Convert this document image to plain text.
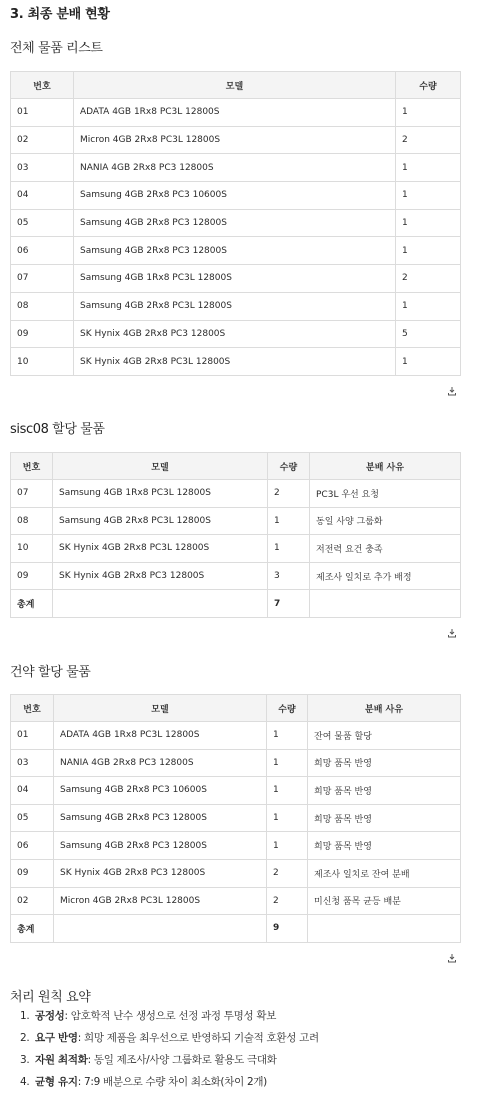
3. 최종 분배 현황
전체 물품 리스트
번호	모델	수량
01	ADATA 4GB 1Rx8 PC3L 12800S	1
02	Micron 4GB 2Rx8 PC3L 12800S	2
03	NANIA 4GB 2Rx8 PC3 12800S	1
04	Samsung 4GB 2Rx8 PC3 10600S	1
05	Samsung 4GB 2Rx8 PC3 12800S	1
06	Samsung 4GB 2Rx8 PC3 12800S	1
07	Samsung 4GB 1Rx8 PC3L 12800S	2
08	Samsung 4GB 2Rx8 PC3L 12800S	1
09	SK Hynix 4GB 2Rx8 PC3 12800S	5
10	SK Hynix 4GB 2Rx8 PC3L 12800S	1
sisc08 할당 물품
번호	모델	수량	분배 사유
07	Samsung 4GB 1Rx8 PC3L 12800S	2	PC3L 우선 요청
08	Samsung 4GB 2Rx8 PC3L 12800S	1	동일 사양 그룹화
10	SK Hynix 4GB 2Rx8 PC3L 12800S	1	저전력 요건 충족
09	SK Hynix 4GB 2Rx8 PC3 12800S	3	제조사 일치로 추가 배정
총계		7	
건약 할당 물품
번호	모델	수량	분배 사유
01	ADATA 4GB 1Rx8 PC3L 12800S	1	잔여 물품 할당
03	NANIA 4GB 2Rx8 PC3 12800S	1	희망 품목 반영
04	Samsung 4GB 2Rx8 PC3 10600S	1	희망 품목 반영
05	Samsung 4GB 2Rx8 PC3 12800S	1	희망 품목 반영
06	Samsung 4GB 2Rx8 PC3 12800S	1	희망 품목 반영
09	SK Hynix 4GB 2Rx8 PC3 12800S	2	제조사 일치로 잔여 분배
02	Micron 4GB 2Rx8 PC3L 12800S	2	미신청 품목 균등 배분
총계		9	
처리 원칙 요약
1. 공정성 : 암호학적 난수 생성으로 선정 과정 투명성 확보
2. 요구 반영 : 희망 제품을 최우선으로 반영하되 기술적 호환성 고려
3. 자원 최적화 : 동일 제조사/사양 그룹화로 활용도 극대화
4. 균형 유지 : 7:9 배분으로 수량 차이 최소화(차이 2개)
